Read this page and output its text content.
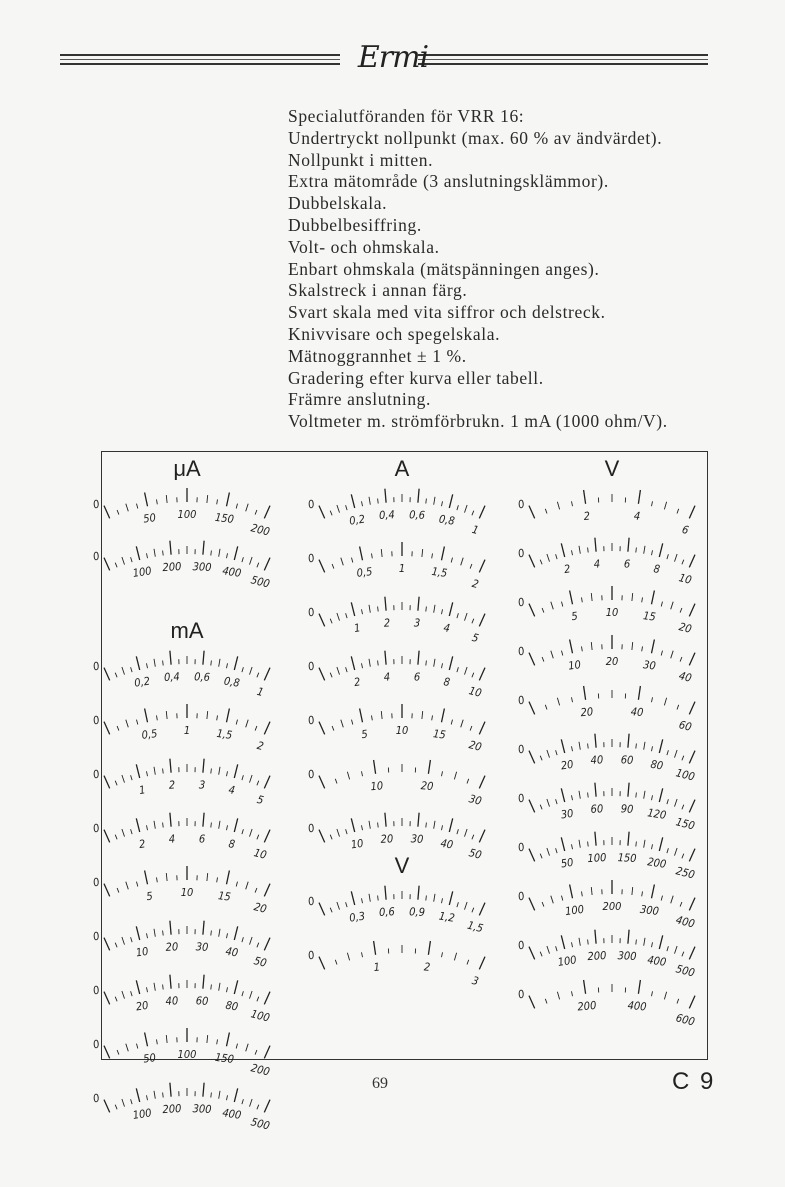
Ermi
Specialutföranden för VRR 16:
Undertryckt nollpunkt (max. 60 % av ändvärdet).
Nollpunkt i mitten.
Extra mätområde (3 anslutningsklämmor).
Dubbelskala.
Dubbelbesiffring.
Volt- och ohmskala.
Enbart ohmskala (mätspänningen anges).
Skalstreck i annan färg.
Svart skala med vita siffror och delstreck.
Knivvisare och spegelskala.
Mätnoggrannhet ± 1 %.
Gradering efter kurva eller tabell.
Främre anslutning.
Voltmeter m. strömförbrukn. 1 mA (1000 ohm/V).
μA
0
50 100 150
200
0
100 200 300 400
500
mA
0
0,2 0,4 0,6 0,8
1
0
0,5 1 1,5
2
0
1 2 3 4
5
0
2 4 6 8
10
0
5 10 15
20
0
10 20 30 40
50
0
20 40 60 80
100
0
50 100 150
200
0
100 200 300 400
500
A
0
0,2 0,4 0,6 0,8
1
0
0,5 1 1,5
2
0
1 2 3 4
5
0
2 4 6 8
10
0
5 10 15
20
0
10	20
30
0
10 20 30 40
50
V
0
0,3 0,6 0,9 1,2
1,5
0
1	2
3
V
0
2	4
6
0
2 4 6 8
10
0
5 10 15
20
0
10 20 30
40
0
20	40
60
0
20 40 60 80
100
0
30 60 90 120
150
0
50 100 150 200
250
0
100 200 300
400
0
100 200 300 400
500
0
200	400
600
69	C 9
